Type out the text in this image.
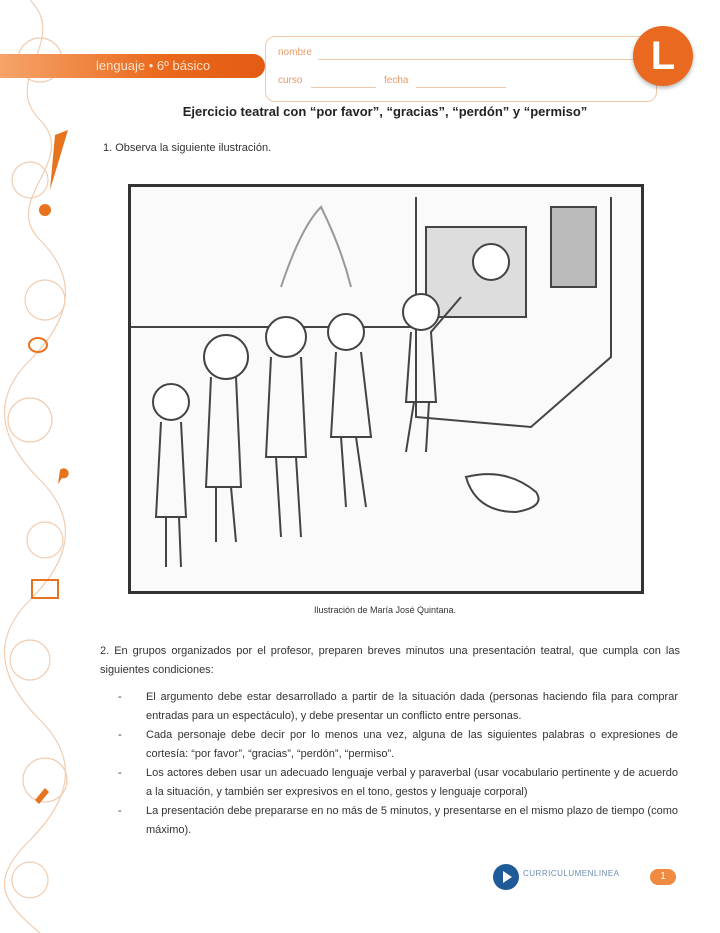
lenguaje • 6º básico
nombre
curso	fecha
L
Ejercicio teatral con “por favor”, “gracias”, “perdón” y “permiso”
1. Observa la siguiente ilustración.
Ilustración de María José Quintana.
2. En grupos organizados por el profesor, preparen breves minutos una presentación teatral, que cumpla con las siguientes condiciones:
- El argumento debe estar desarrollado a partir de la situación dada (personas haciendo fila para comprar entradas para un espectáculo), y debe presentar un conflicto entre personas.
- Cada personaje debe decir por lo menos una vez, alguna de las siguientes palabras o expresiones de cortesía: “por favor”, “gracias”, “perdón”, “permiso”.
- Los actores deben usar un adecuado lenguaje verbal y paraverbal (usar vocabulario pertinente y de acuerdo a la situación, y también ser expresivos en el tono, gestos y lenguaje corporal)
- La presentación debe prepararse en no más de 5 minutos, y presentarse en el mismo plazo de tiempo (como máximo).
CURRICULUMENLINEA	1
